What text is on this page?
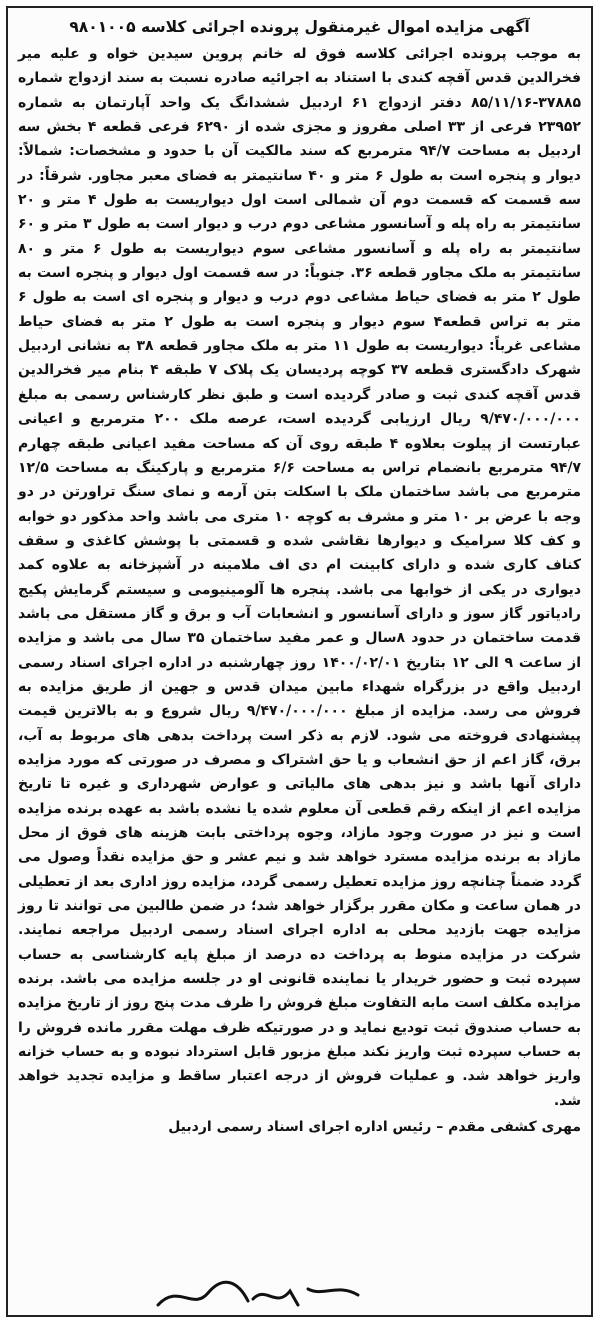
آگهی مزایده اموال غیرمنقول پرونده اجرائی کلاسه ۹۸۰۱۰۰۵

به موجب پرونده اجرائی کلاسه فوق له خانم پروین سیدین خواه و علیه میر فخرالدین قدس آقچه کندی با استناد به اجرائیه صادره نسبت به سند ازدواج شماره ۳۷۸۸۵-۸۵/۱۱/۱۶ دفتر ازدواج ۶۱ اردبیل ششدانگ یک واحد آپارتمان به شماره ۲۳۹۵۲ فرعی از ۳۳ اصلی مفروز و مجزی شده از ۶۲۹۰ فرعی قطعه ۴ بخش سه اردبیل به مساحت ۹۴/۷ مترمربع که سند مالکیت آن با حدود و مشخصات: شمالاً: دیوار و پنجره است به طول ۶ متر و ۴۰ سانتیمتر به فضای معبر مجاور. شرقاً: در سه قسمت که قسمت دوم آن شمالی است اول دیواریست به طول ۴ متر و ۲۰ سانتیمتر به راه پله و آسانسور مشاعی دوم درب و دیوار است به طول ۳ متر و ۶۰ سانتیمتر به راه پله و آسانسور مشاعی سوم دیواریست به طول ۶ متر و ۸۰ سانتیمتر به ملک مجاور قطعه ۳۶. جنوباً: در سه قسمت اول دیوار و پنجره است به طول ۲ متر به فضای حیاط مشاعی دوم درب و دیوار و پنجره ای است به طول ۶ متر به تراس قطعه۴ سوم دیوار و پنجره است به طول ۲ متر به فضای حیاط مشاعی غرباً: دیواریست به طول ۱۱ متر به ملک مجاور قطعه ۳۸ به نشانی اردبیل شهرک دادگستری قطعه ۳۷ کوچه پردیسان یک پلاک ۷ طبقه ۴ بنام میر فخرالدین قدس آقچه کندی ثبت و صادر گردیده است و طبق نظر کارشناس رسمی به مبلغ ۹/۴۷۰/۰۰۰/۰۰۰ ریال ارزیابی گردیده است، عرصه ملک ۲۰۰ مترمربع و اعیانی عبارتست از پیلوت بعلاوه ۴ طبقه روی آن که مساحت مفید اعیانی طبقه چهارم ۹۴/۷ مترمربع بانضمام تراس به مساحت ۶/۶ مترمربع و پارکینگ به مساحت ۱۲/۵ مترمربع می باشد ساختمان ملک با اسکلت بتن آرمه و نمای سنگ تراورتن در دو وجه با عرض بر ۱۰ متر و مشرف به کوچه ۱۰ متری می باشد واحد مذکور دو خوابه و کف کلا سرامیک و دیوارها نقاشی شده و قسمتی با پوشش کاغذی و سقف کناف کاری شده و دارای کابینت ام دی اف ملامینه در آشپزخانه به علاوه کمد دیواری در یکی از خوابها می باشد. پنجره ها آلومینیومی و سیستم گرمایش پکیج رادیاتور گاز سوز و دارای آسانسور و انشعابات آب و برق و گاز مستقل می باشد قدمت ساختمان در حدود ۸سال و عمر مفید ساختمان ۳۵ سال می باشد و مزایده از ساعت ۹ الی ۱۲ بتاریخ ۱۴۰۰/۰۲/۰۱ روز چهارشنبه در اداره اجرای اسناد رسمی اردبیل واقع در بزرگراه شهداء مابین میدان قدس و جهین از طریق مزایده به فروش می رسد. مزایده از مبلغ ۹/۴۷۰/۰۰۰/۰۰۰ ریال شروع و به بالاترین قیمت پیشنهادی فروخته می شود. لازم به ذکر است پرداخت بدهی های مربوط به آب، برق، گاز اعم از حق انشعاب و یا حق اشتراک و مصرف در صورتی که مورد مزایده دارای آنها باشد و نیز بدهی های مالیاتی و عوارض شهرداری و غیره تا تاریخ مزایده اعم از اینکه رقم قطعی آن معلوم شده یا نشده باشد به عهده برنده مزایده است و نیز در صورت وجود مازاد، وجوه پرداختی بابت هزینه های فوق از محل مازاد به برنده مزایده مسترد خواهد شد و نیم عشر و حق مزایده نقداً وصول می گردد ضمناً چنانچه روز مزایده تعطیل رسمی گردد، مزایده روز اداری بعد از تعطیلی در همان ساعت و مکان مقرر برگزار خواهد شد؛ در ضمن طالبین می توانند تا روز مزایده جهت بازدید محلی به اداره اجرای اسناد رسمی اردبیل مراجعه نمایند. شرکت در مزایده منوط به پرداخت ده درصد از مبلغ پایه کارشناسی به حساب سپرده ثبت و حضور خریدار یا نماینده قانونی او در جلسه مزایده می باشد. برنده مزایده مکلف است مابه التفاوت مبلغ فروش را ظرف مدت پنج روز از تاریخ مزایده به حساب صندوق ثبت تودیع نماید و در صورتیکه ظرف مهلت مقرر مانده فروش را به حساب سپرده ثبت واریز نکند مبلغ مزبور قابل استرداد نبوده و به حساب خزانه واریز خواهد شد. و عملیات فروش از درجه اعتبار ساقط و مزایده تجدید خواهد شد.

مهری کشفی مقدم – رئیس اداره اجرای اسناد رسمی اردبیل
